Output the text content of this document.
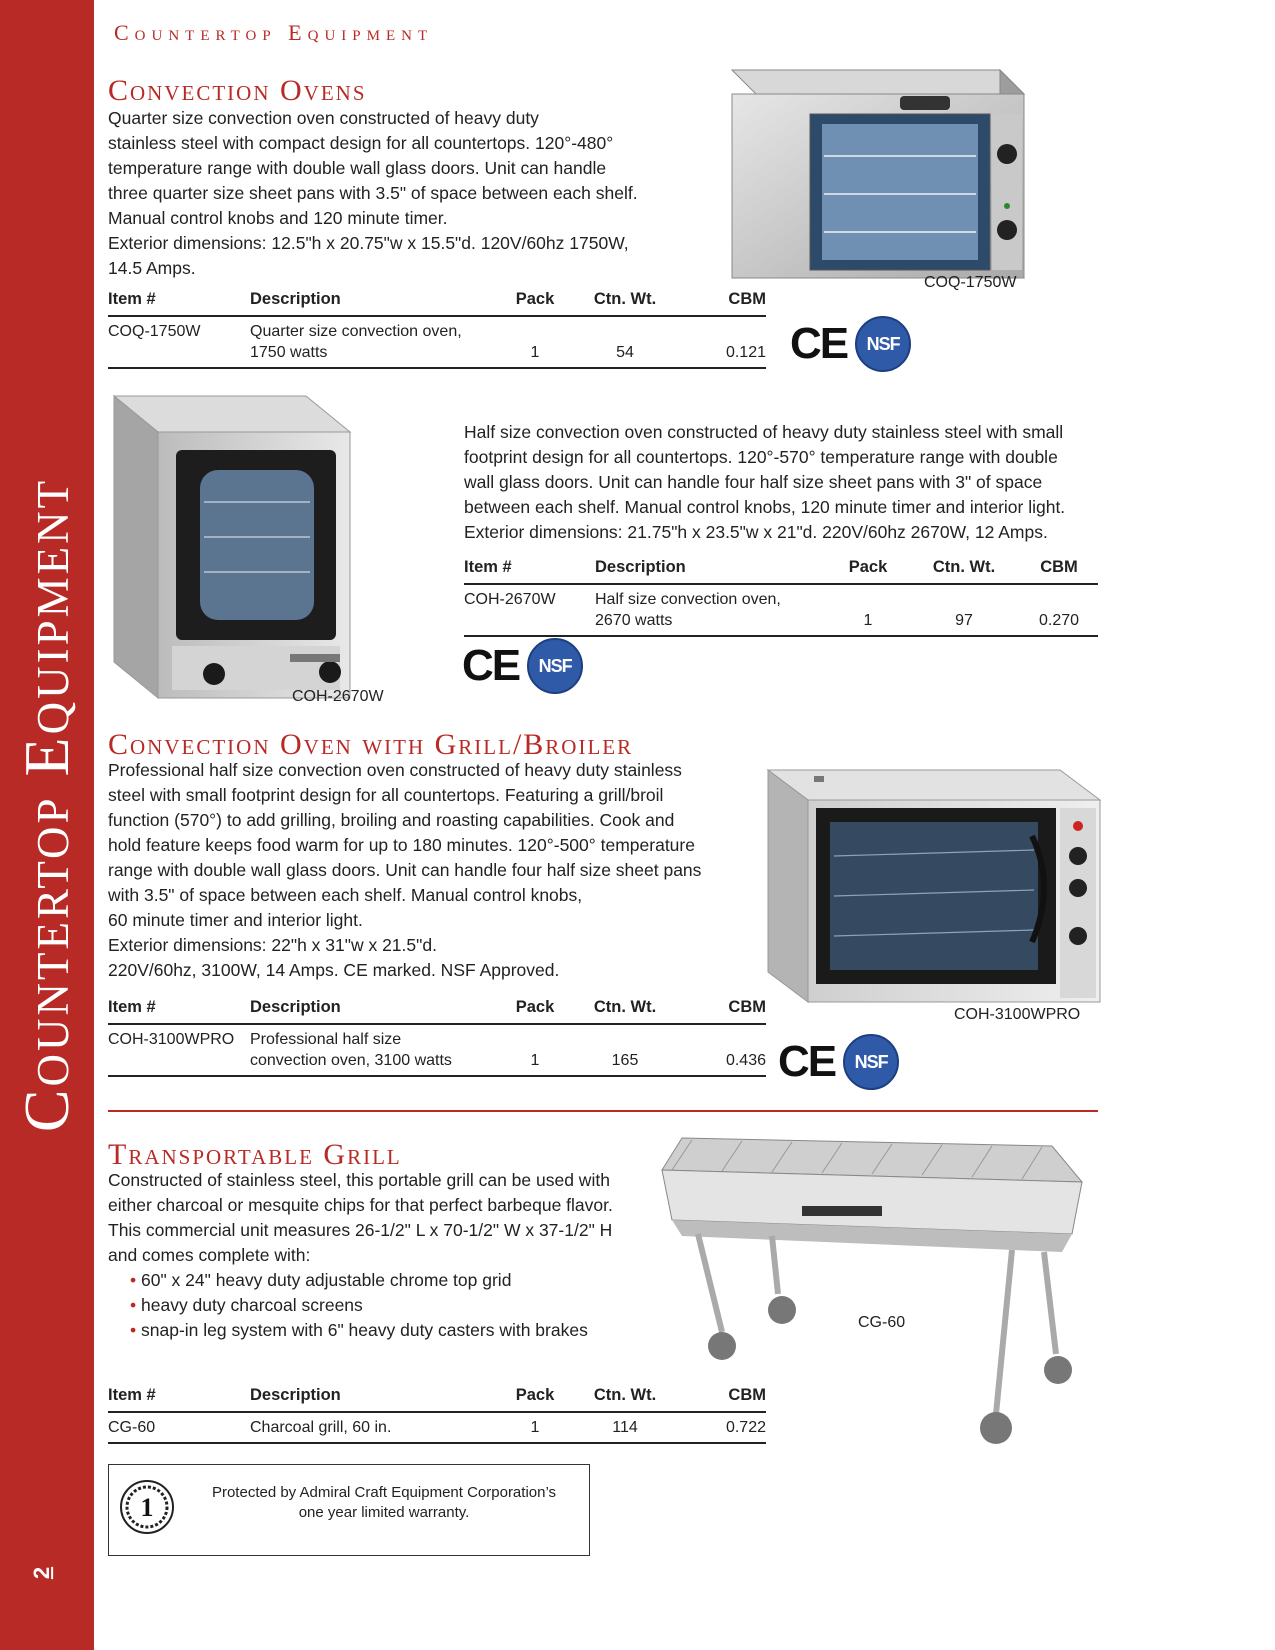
Countertop Equipment
2
Countertop Equipment
Convection Ovens

Quarter size convection oven constructed of heavy duty

stainless steel with compact design for all countertops. 120°-480°

temperature range with double wall glass doors. Unit can handle

three quarter size sheet pans with 3.5" of space between each shelf.

Manual control knobs and 120 minute timer.

Exterior dimensions: 12.5"h x 20.75"w x 15.5"d. 120V/60hz 1750W,

14.5 Amps.

COQ-1750W
Item #	Description	Pack	Ctn. Wt.	CBM
COQ-1750W	Quarter size convection oven,
1750 watts	1	54	0.121 CE	NSF
COH-2670W

Half size convection oven constructed of heavy duty stainless steel with small

footprint design for all countertops. 120°-570° temperature range with double

wall glass doors. Unit can handle four half size sheet pans with 3" of space

between each shelf. Manual control knobs, 120 minute timer and interior light.

Exterior dimensions: 21.75"h x 23.5"w x 21"d. 220V/60hz 2670W, 12 Amps.

Item #	Description	Pack	Ctn. Wt.	CBM
COH-2670W	Half size convection oven,
2670 watts	1	97	0.270
CE	NSF
Convection Oven with Grill/Broiler

Professional half size convection oven constructed of heavy duty stainless

steel with small footprint design for all countertops. Featuring a grill/broil

function (570°) to add grilling, broiling and roasting capabilities. Cook and

hold feature keeps food warm for up to 180 minutes. 120°-500° temperature

range with double wall glass doors. Unit can handle four half size sheet pans

with 3.5" of space between each shelf. Manual control knobs,

60 minute timer and interior light.

Exterior dimensions: 22"h x 31"w x 21.5"d.

220V/60hz, 3100W, 14 Amps. CE marked. NSF Approved.

COH-3100WPRO
Item #	Description	Pack	Ctn. Wt.	CBM
COH-3100WPRO	Professional half size
convection oven, 3100 watts	1	165	0.436 CE	NSF
Transportable Grill

Constructed of stainless steel, this portable grill can be used with

either charcoal or mesquite chips for that perfect barbeque flavor.

This commercial unit measures 26-1/2" L x 70-1/2" W x 37-1/2" H

and comes complete with:

• 60" x 24" heavy duty adjustable chrome top grid
• heavy duty charcoal screens
• snap-in leg system with 6" heavy duty casters with brakes	CG-60
Item #	Description	Pack	Ctn. Wt.	CBM
CG-60	Charcoal grill, 60 in.	1	114	0.722
1
Protected by Admiral Craft Equipment Corporation’s
one year limited warranty.
